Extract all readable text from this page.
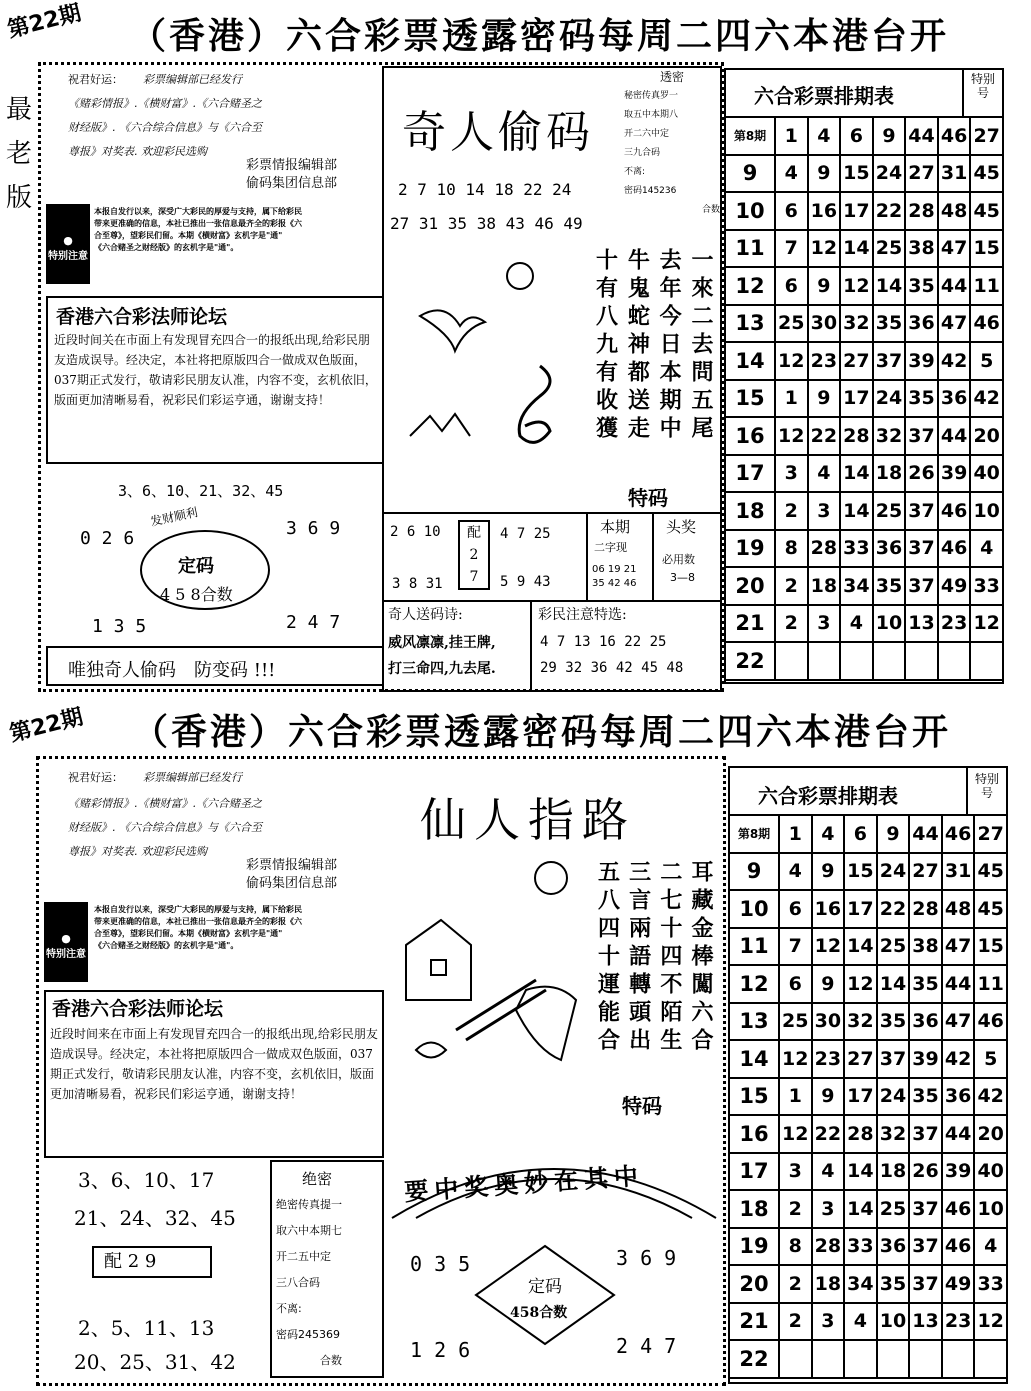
第22期 （香港）六合彩票透露密码每周二四六本港台开
最老版
祝君好运： 彩票编辑部已经发行
《赌彩情报》.《横财富》.《六合赌圣之
财经版》. 《六合综合信息》与《六合至
尊报》对奖表. 欢迎彩民选购
彩票情报编辑部
偷码集团信息部
●
特别注意
本报自发行以来，深受广大彩民的厚爱与支持，属下给彩民
带来更准确的信息，本社已推出一张信息最齐全的彩报《六
合至尊》，望彩民们留。本期《横财富》玄机字是"通"
《六合赌圣之财经版》的玄机字是"通"。
香港六合彩法师论坛
近段时间关在市面上有发现冒充四合一的报纸出现,给彩民朋友造成误导。经决定，本社将把原版四合一做成双色版面，037期正式发行，敬请彩民朋友认准，内容不变，玄机依旧，版面更加清晰易看，祝彩民们彩运亨通，谢谢支持！
3、6、10、21、32、45
发财顺利
0 2 6	3 6 9
定码
4 5 8合数
1 3 5	2 4 7
唯独奇人偷码　防变码 !!!
奇人偷码
2 7 10 14 18 22 24
27 31 35 38 43 46 49
透密
秘密传真罗一
取五中本期八
开二六中定
三九合码
不离:
密码145236
合数
十有八九有收獲 牛鬼蛇神都送走 去年今日本期中 一來二去問五尾
特码
2 6 10
3 8 31
配
2
7
4 7 25
5 9 43
本期
二字现
06 19 21
35 42 46
头奖
必用数
3—8
奇人送码诗:
威风凛凛,挂王牌,
打三命四,九去尾.
彩民注意特选:
4 7 13 16 22 25
29 32 36 42 45 48
六合彩票排期表
特别号
第8期	1	4	6	9	44	46	27
9	4	9	15	24	27	31	45
10	6	16	17	22	28	48	45
11	7	12	14	25	38	47	15
12	6	9	12	14	35	44	11
13	25	30	32	35	36	47	46
14	12	23	27	37	39	42	5
15	1	9	17	24	35	36	42
16	12	22	28	32	37	44	20
17	3	4	14	18	26	39	40
18	2	3	14	25	37	46	10
19	8	28	33	36	37	46	4
20	2	18	34	35	37	49	33
21	2	3	4	10	13	23	12
22							
第22期 （香港）六合彩票透露密码每周二四六本港台开
祝君好运： 彩票编辑部已经发行
《赌彩情报》.《横财富》.《六合赌圣之
财经版》. 《六合综合信息》与《六合至
尊报》对奖表. 欢迎彩民选购
彩票情报编辑部
偷码集团信息部
●
特别注意
本报自发行以来，深受广大彩民的厚爱与支持，属下给彩民
带来更准确的信息，本社已推出一张信息最齐全的彩报《六
合至尊》，望彩民们留。本期《横财富》玄机字是"通"
《六合赌圣之财经版》的玄机字是"通"。
香港六合彩法师论坛
近段时间来在市面上有发现冒充四合一的报纸出现,给彩民朋友造成误导。经决定，本社将把原版四合一做成双色版面，037期正式发行，敬请彩民朋友认准，内容不变，玄机依旧，版面更加清晰易看，祝彩民们彩运亨通，谢谢支持！
3、6、10、17
21、24、32、45
配 2 9
2、5、11、13
20、25、31、42
绝密
绝密传真提一
取六中本期七
开二五中定
三八合码
不离:
密码245369
合数
仙人指路
五八四十運能合 三言兩語轉頭出 二七十四不陌生 耳藏金棒闖六合
特码
要中奖奥妙在其中
0 3 5	3 6 9
定码
458合数
1 2 6	2 4 7
六合彩票排期表
特别号
第8期	1	4	6	9	44	46	27
9	4	9	15	24	27	31	45
10	6	16	17	22	28	48	45
11	7	12	14	25	38	47	15
12	6	9	12	14	35	44	11
13	25	30	32	35	36	47	46
14	12	23	27	37	39	42	5
15	1	9	17	24	35	36	42
16	12	22	28	32	37	44	20
17	3	4	14	18	26	39	40
18	2	3	14	25	37	46	10
19	8	28	33	36	37	46	4
20	2	18	34	35	37	49	33
21	2	3	4	10	13	23	12
22							
